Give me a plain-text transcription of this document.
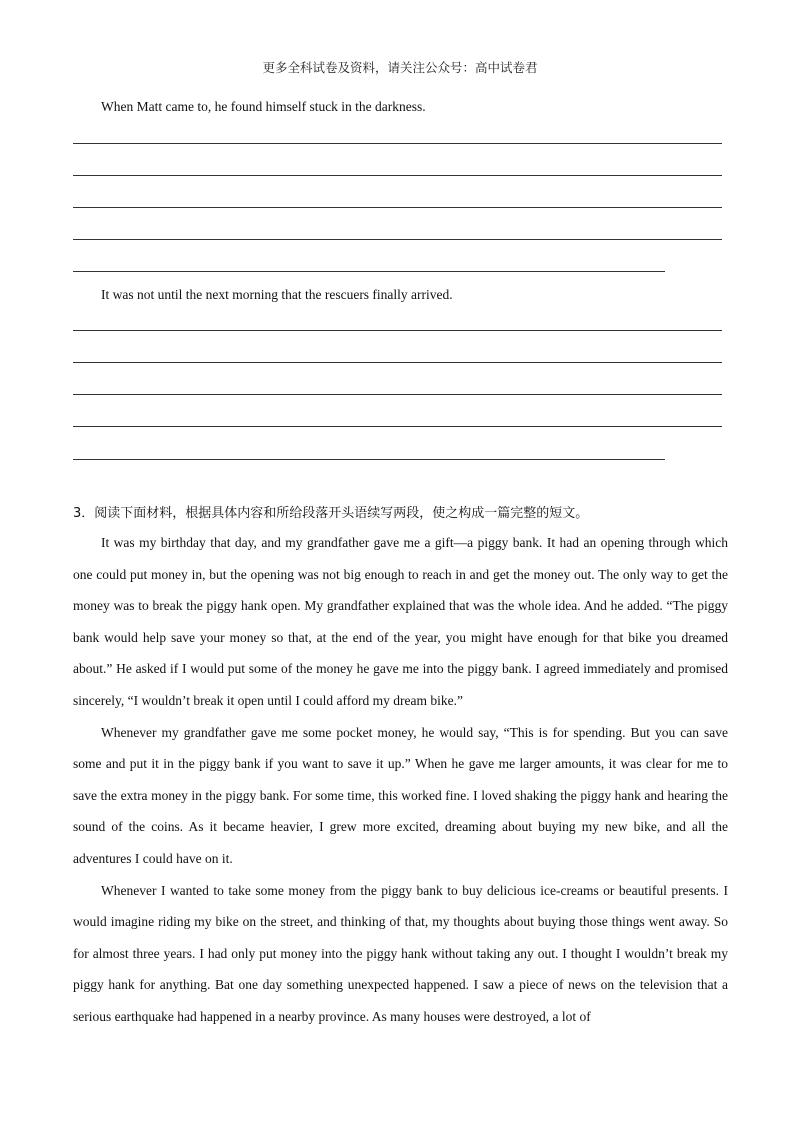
更多全科试卷及资料，请关注公众号：高中试卷君
When Matt came to, he found himself stuck in the darkness.
It was not until the next morning that the rescuers finally arrived.
3．阅读下面材料，根据具体内容和所给段落开头语续写两段，使之构成一篇完整的短文。

It was my birthday that day, and my grandfather gave me a gift—a piggy bank. It had an opening through which one could put money in, but the opening was not big enough to reach in and get the money out. The only way to get the money was to break the piggy hank open. My grandfather explained that was the whole idea. And he added. “The piggy bank would help save your money so that, at the end of the year, you might have enough for that bike you dreamed about.” He asked if I would put some of the money he gave me into the piggy bank. I agreed immediately and promised sincerely, “I wouldn’t break it open until I could afford my dream bike.”

Whenever my grandfather gave me some pocket money, he would say, “This is for spending. But you can save some and put it in the piggy bank if you want to save it up.” When he gave me larger amounts, it was clear for me to save the extra money in the piggy bank. For some time, this worked fine. I loved shaking the piggy hank and hearing the sound of the coins. As it became heavier, I grew more excited, dreaming about buying my new bike, and all the adventures I could have on it.

Whenever I wanted to take some money from the piggy bank to buy delicious ice-creams or beautiful presents. I would imagine riding my bike on the street, and thinking of that, my thoughts about buying those things went away. So for almost three years. I had only put money into the piggy hank without taking any out. I thought I wouldn’t break my piggy hank for anything. Bat one day something unexpected happened. I saw a piece of news on the television that a serious earthquake had happened in a nearby province. As many houses were destroyed, a lot of
